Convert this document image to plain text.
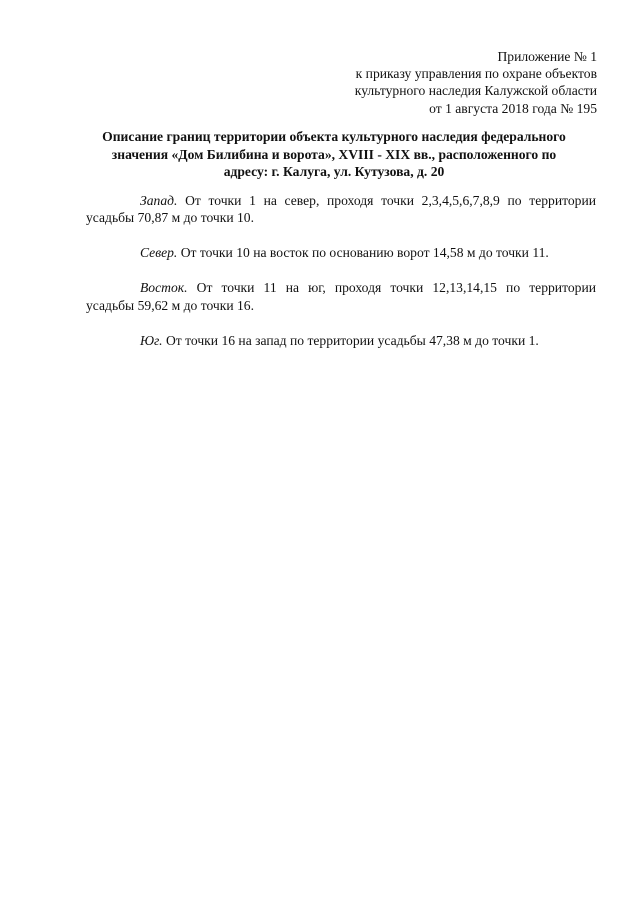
Приложение № 1
к приказу управления по охране объектов
культурного наследия Калужской области
от 1 августа 2018 года № 195
Описание границ территории объекта культурного наследия федерального
значения «Дом Билибина и ворота», XVIII - XIX вв., расположенного по
адресу: г. Калуга, ул. Кутузова, д. 20
Запад. От точки 1 на север, проходя точки 2,3,4,5,6,7,8,9 по территории
усадьбы 70,87 м до точки 10.
Север. От точки 10 на восток по основанию ворот 14,58 м до точки 11.
Восток. От точки 11 на юг, проходя точки 12,13,14,15 по территории
усадьбы 59,62 м до точки 16.
Юг. От точки 16 на запад по территории усадьбы 47,38 м до точки 1.
